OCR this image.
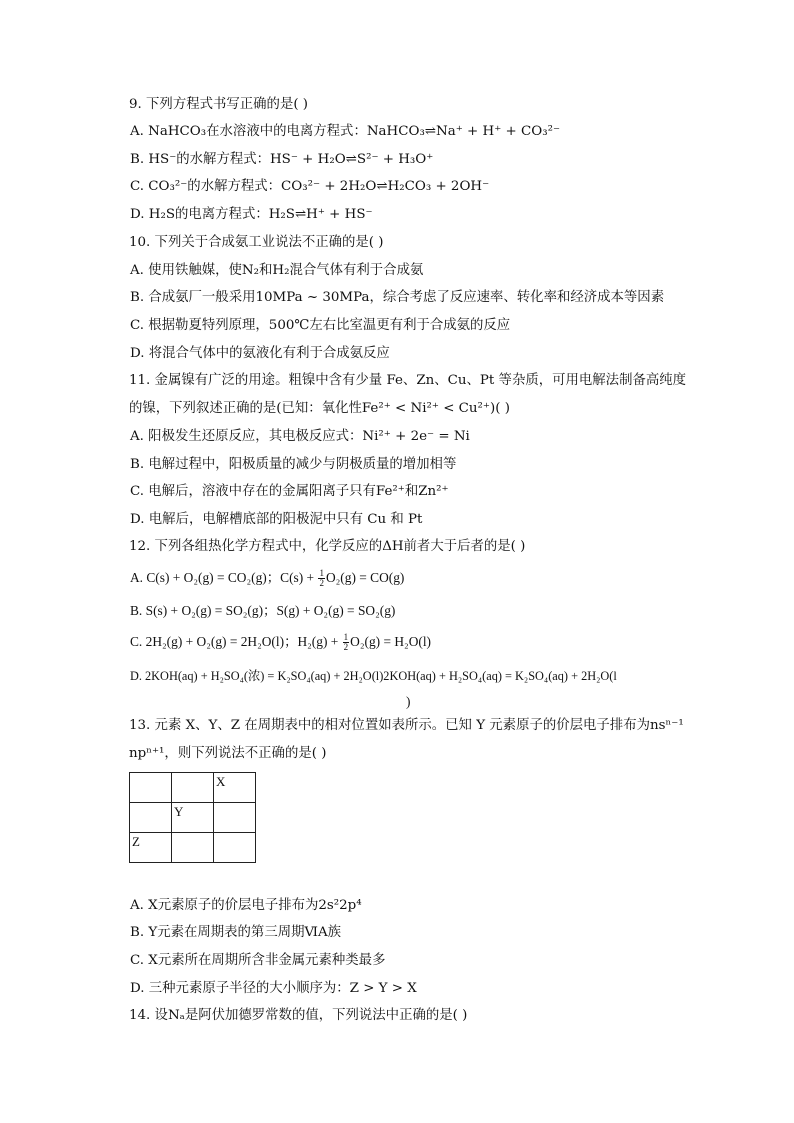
9. 下列方程式书写正确的是( )
A. NaHCO₃在水溶液中的电离方程式：NaHCO₃⇌Na⁺ + H⁺ + CO₃²⁻
B. HS⁻的水解方程式：HS⁻ + H₂O⇌S²⁻ + H₃O⁺
C. CO₃²⁻的水解方程式：CO₃²⁻ + 2H₂O⇌H₂CO₃ + 2OH⁻
D. H₂S的电离方程式：H₂S⇌H⁺ + HS⁻
10. 下列关于合成氨工业说法不正确的是( )
A. 使用铁触媒，使N₂和H₂混合气体有利于合成氨
B. 合成氨厂一般采用10MPa ~ 30MPa，综合考虑了反应速率、转化率和经济成本等因素
C. 根据勒夏特列原理，500℃左右比室温更有利于合成氨的反应
D. 将混合气体中的氨液化有利于合成氨反应
11. 金属镍有广泛的用途。粗镍中含有少量 Fe、Zn、Cu、Pt 等杂质，可用电解法制备高纯度
的镍，下列叙述正确的是(已知：氧化性Fe²⁺ < Ni²⁺ < Cu²⁺)( )
A. 阳极发生还原反应，其电极反应式：Ni²⁺ + 2e⁻ = Ni
B. 电解过程中，阳极质量的减少与阴极质量的增加相等
C. 电解后，溶液中存在的金属阳离子只有Fe²⁺和Zn²⁺
D. 电解后，电解槽底部的阳极泥中只有 Cu 和 Pt
12. 下列各组热化学方程式中，化学反应的ΔH前者大于后者的是( )
A. C(s) + O₂(g) = CO₂(g)；$C(s) + \frac{1}{2} O_2(g) = CO(g)$
B. S(s) + O₂(g) = SO₂(g)；S(g) + O₂(g) = SO₂(g)
C. 2H₂(g) + O₂(g) = 2H₂O(l)；$H_2(g) + \frac{1}{2} O_2(g) = H_2O(l)$
D. 2KOH(aq) + H₂SO₄(浓) = K₂SO₄(aq) + 2H₂O(l)2KOH(aq) + H₂SO₄(aq) = K₂SO₄(aq) + 2H₂O(l
)
13. 元素 X、Y、Z 在周期表中的相对位置如表所示。已知 Y 元素原子的价层电子排布为nsⁿ⁻¹
npⁿ⁺¹，则下列说法不正确的是( )
		X
	Y	
Z		
A. X元素原子的价层电子排布为2s²2p⁴
B. Y元素在周期表的第三周期ⅥA族
C. X元素所在周期所含非金属元素种类最多
D. 三种元素原子半径的大小顺序为：Z > Y > X
14. 设Nₐ是阿伏加德罗常数的值，下列说法中正确的是( )
